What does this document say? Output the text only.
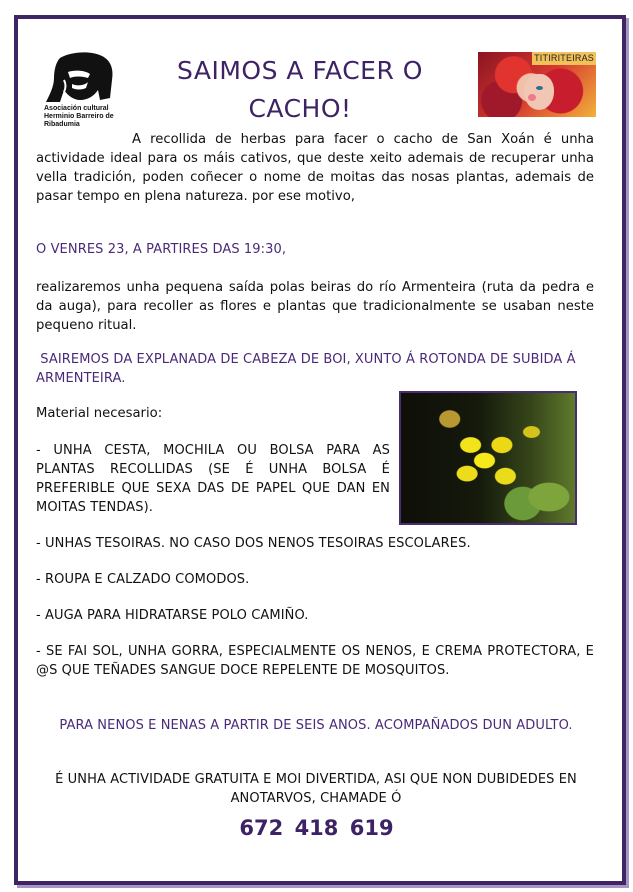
Asociación cultural
Herminio Barreiro de
Ribadumia
SAIMOS A FACER O CACHO!
TITIRITEIRAS
A recollida de herbas para facer o cacho de San Xoán é unha actividade ideal para os máis cativos, que deste xeito ademais de recuperar unha vella tradición, poden coñecer o nome de moitas das nosas plantas, ademais de pasar tempo en plena natureza. por ese motivo,
O VENRES 23, A PARTIRES DAS 19:30,
realizaremos unha pequena saída polas beiras do río Armenteira (ruta da pedra e da auga), para recoller as flores e plantas que tradicionalmente se usaban neste pequeno ritual.
SAIREMOS DA EXPLANADA DE CABEZA DE BOI, XUNTO Á ROTONDA DE SUBIDA Á ARMENTEIRA.
Material necesario:
- UNHA CESTA, MOCHILA OU BOLSA PARA AS PLANTAS RECOLLIDAS (SE É UNHA BOLSA É PREFERIBLE QUE SEXA DAS DE PAPEL QUE DAN EN MOITAS TENDAS).
- UNHAS TESOIRAS. NO CASO DOS NENOS TESOIRAS ESCOLARES.
- ROUPA E CALZADO COMODOS.
- AUGA PARA HIDRATARSE POLO CAMIÑO.
- SE FAI SOL, UNHA GORRA, ESPECIALMENTE OS NENOS, E CREMA PROTECTORA, E @S QUE TEÑADES SANGUE DOCE REPELENTE DE MOSQUITOS.
PARA NENOS E NENAS A PARTIR DE SEIS ANOS. ACOMPAÑADOS DUN ADULTO.
É UNHA ACTIVIDADE GRATUITA E MOI DIVERTIDA, ASI QUE NON DUBIDEDES EN ANOTARVOS, CHAMADE Ó
672 418 619
